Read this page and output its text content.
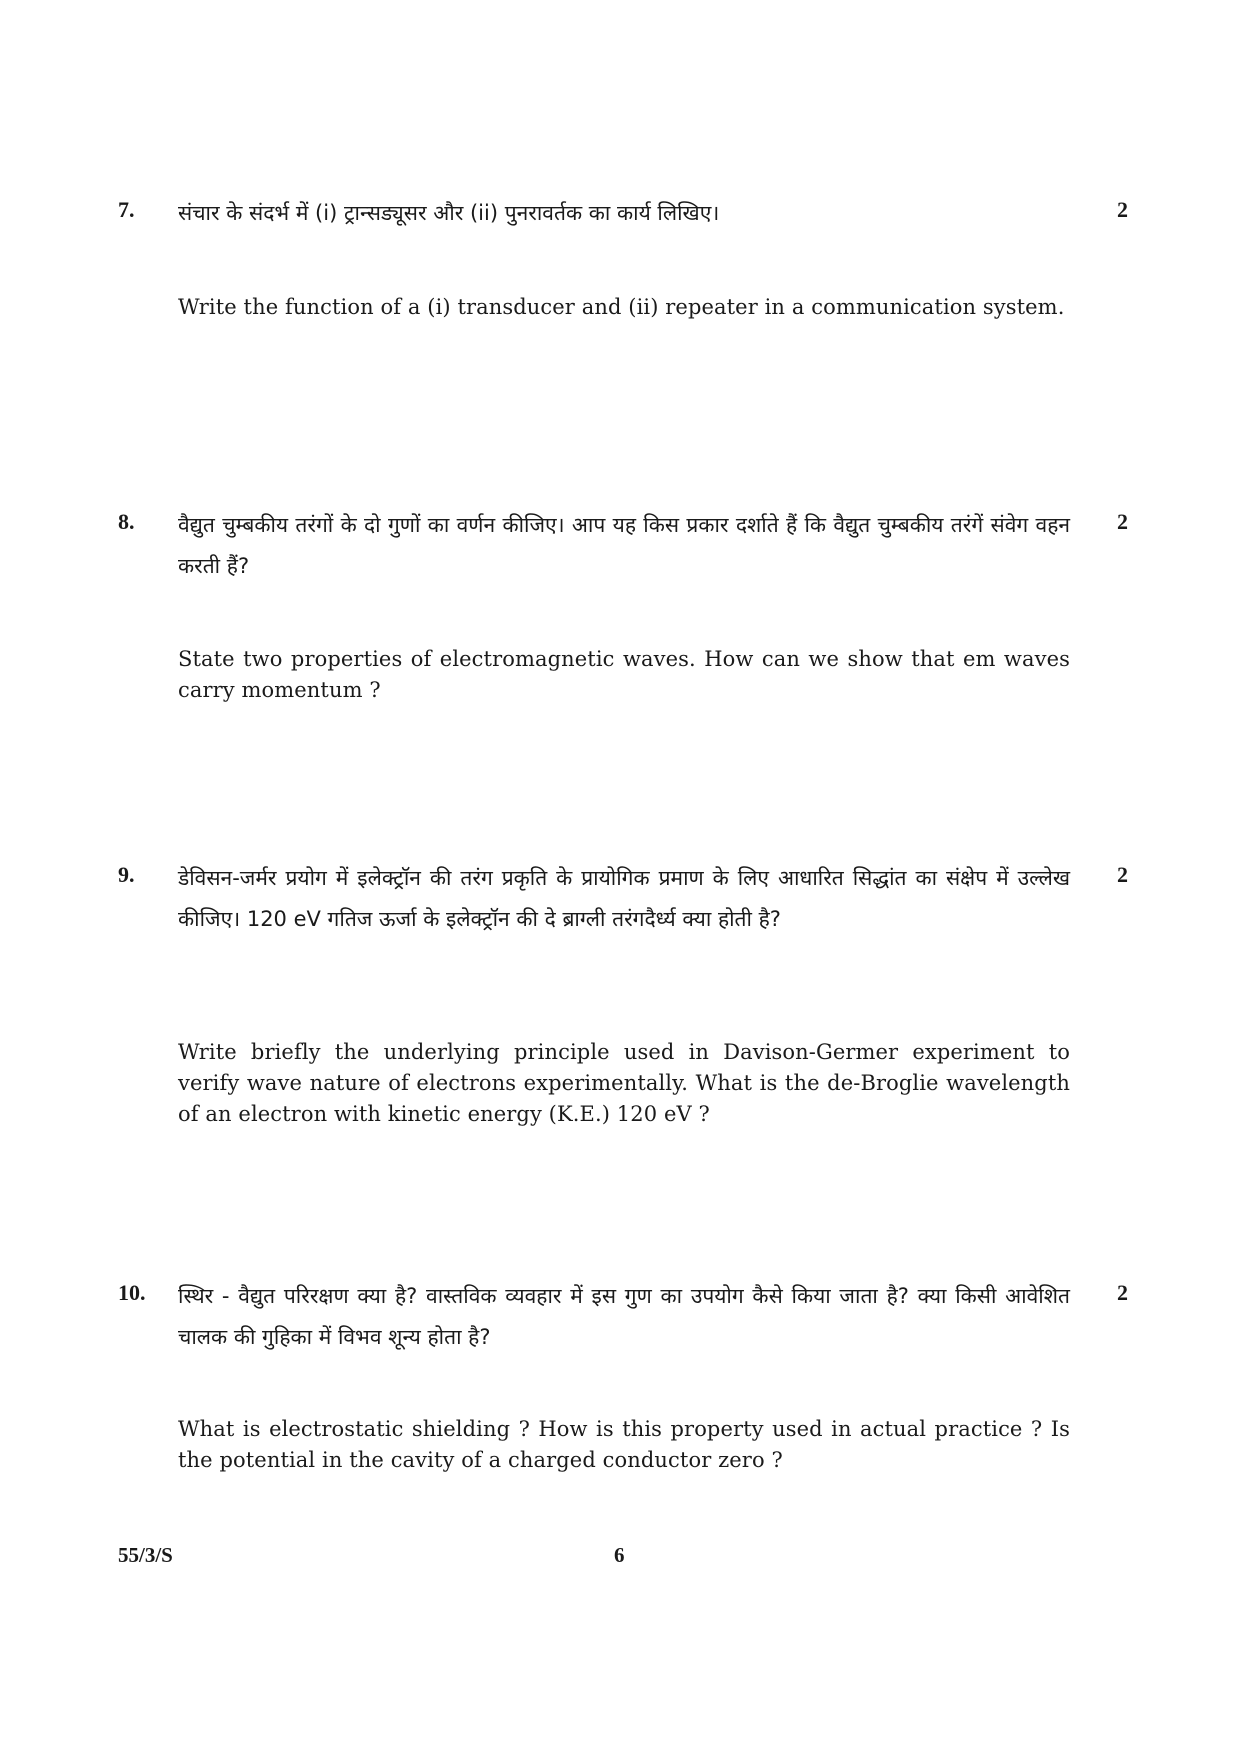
7.	2
संचार के संदर्भ में (i) ट्रान्सड्यूसर और (ii) पुनरावर्तक का कार्य लिखिए।
Write the function of a (i) transducer and (ii) repeater in a communication system.
8.	2
वैद्युत चुम्बकीय तरंगों के दो गुणों का वर्णन कीजिए। आप यह किस प्रकार दर्शाते हैं कि वैद्युत चुम्बकीय तरंगें संवेग वहन करती हैं?
State two properties of electromagnetic waves. How can we show that em waves carry momentum ?
9.	2
डेविसन-जर्मर प्रयोग में इलेक्ट्रॉन की तरंग प्रकृति के प्रायोगिक प्रमाण के लिए आधारित सिद्धांत का संक्षेप में उल्लेख कीजिए। 120 eV गतिज ऊर्जा के इलेक्ट्रॉन की दे ब्राग्ली तरंगदैर्ध्य क्या होती है?
Write briefly the underlying principle used in Davison-Germer experiment to verify wave nature of electrons experimentally. What is the de-Broglie wavelength of an electron with kinetic energy (K.E.) 120 eV ?
10.	2
स्थिर - वैद्युत परिरक्षण क्या है? वास्तविक व्यवहार में इस गुण का उपयोग कैसे किया जाता है? क्या किसी आवेशित चालक की गुहिका में विभव शून्य होता है?
What is electrostatic shielding ? How is this property used in actual practice ? Is the potential in the cavity of a charged conductor zero ?
55/3/S	6
